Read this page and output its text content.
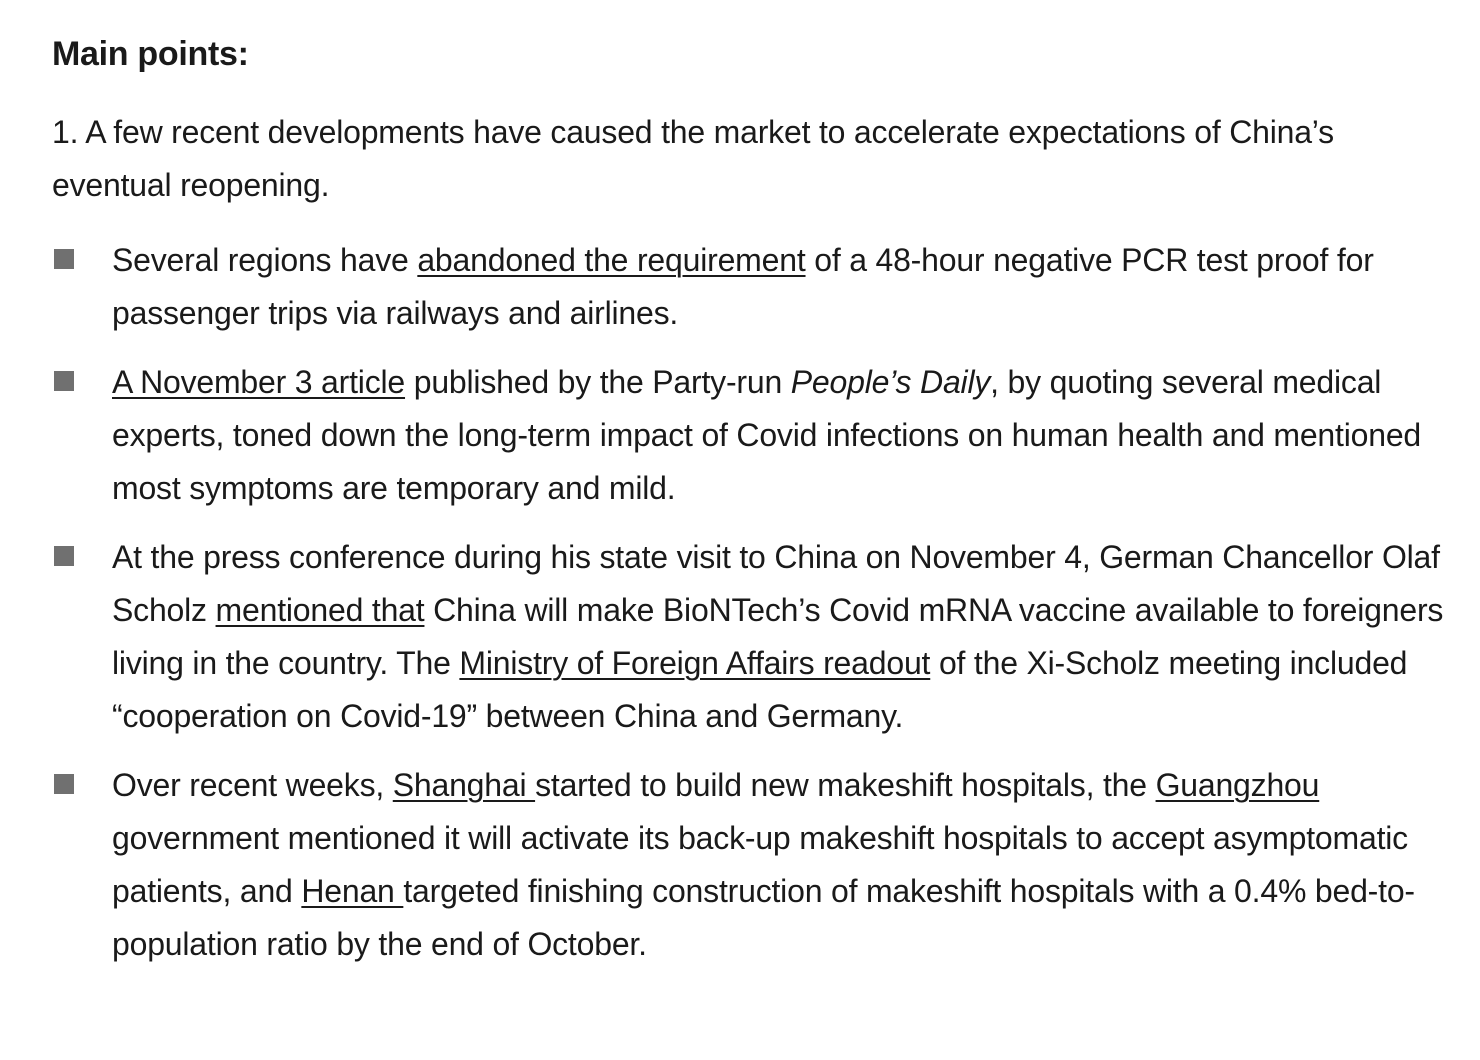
Main points:
1. A few recent developments have caused the market to accelerate expectations of China’s eventual reopening.
Several regions have abandoned the requirement of a 48-hour negative PCR test proof for passenger trips via railways and airlines.
A November 3 article published by the Party-run People’s Daily, by quoting several medical experts, toned down the long-term impact of Covid infections on human health and mentioned most symptoms are temporary and mild.
At the press conference during his state visit to China on November 4, German Chancellor Olaf Scholz mentioned that China will make BioNTech’s Covid mRNA vaccine available to foreigners living in the country. The Ministry of Foreign Affairs readout of the Xi-Scholz meeting included “cooperation on Covid-19” between China and Germany.
Over recent weeks, Shanghai started to build new makeshift hospitals, the Guangzhou government mentioned it will activate its back-up makeshift hospitals to accept asymptomatic patients, and Henan targeted finishing construction of makeshift hospitals with a 0.4% bed-to-population ratio by the end of October.
